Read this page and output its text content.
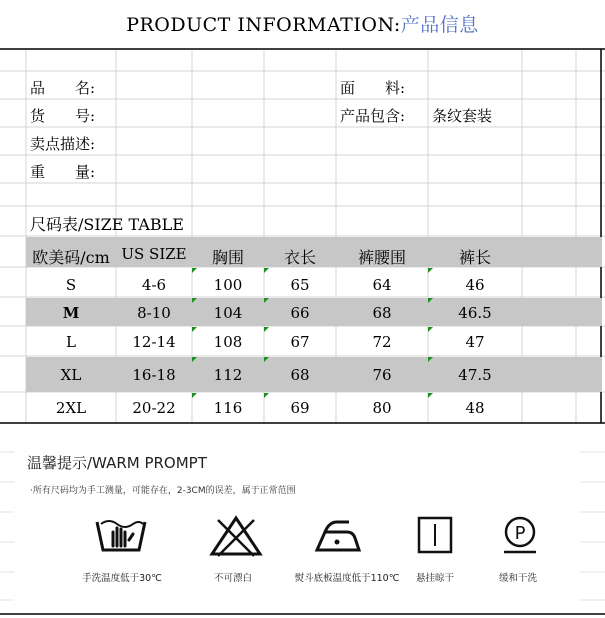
PRODUCT INFORMATION:产品信息
品　　名:
货　　号:
卖点描述:
重　　量:
面　　料:
产品包含: 条纹套装
尺码表/SIZE TABLE
欧美码/cm US SIZE	胸围	衣长	裤腰围	裤长
S	4-6	100	65	64	46
M	8-10	104	66	68	46.5
L	12-14	108	67	72	47
XL	16-18	112	68	76	47.5
2XL	20-22	116	69	80	48
温馨提示/WARM PROMPT
·所有尺码均为手工测量，可能存在，2-3CM的误差，属于正常范围
P
手洗温度低于30℃	不可漂白	熨斗底板温度低于110℃	悬挂晾干	缓和干洗
